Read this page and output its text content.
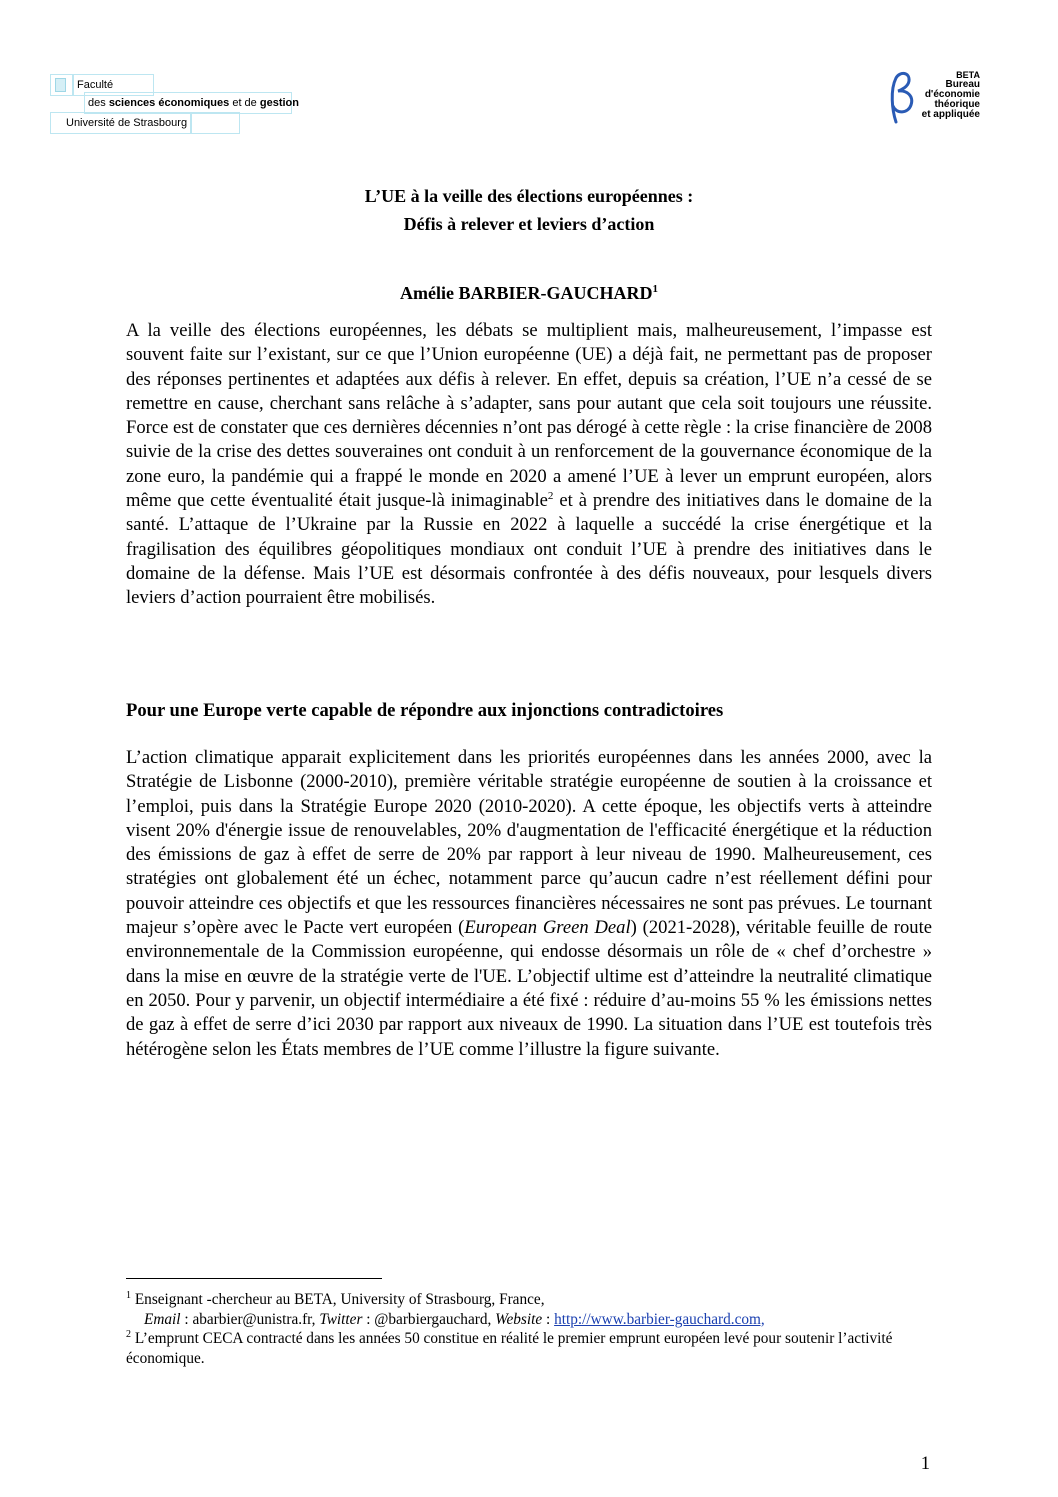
Faculté
des sciences économiques et de gestion
Université de Strasbourg
BETA
Bureau
d'économie
théorique
et appliquée
L’UE à la veille des élections européennes :
Défis à relever et leviers d’action
Amélie BARBIER-GAUCHARD$^1$
A la veille des élections européennes, les débats se multiplient mais, malheureusement, l’impasse est souvent faite sur l’existant, sur ce que l’Union européenne (UE) a déjà fait, ne permettant pas de proposer des réponses pertinentes et adaptées aux défis à relever. En effet, depuis sa création, l’UE n’a cessé de se remettre en cause, cherchant sans relâche à s’adapter, sans pour autant que cela soit toujours une réussite. Force est de constater que ces dernières décennies n’ont pas dérogé à cette règle : la crise financière de 2008 suivie de la crise des dettes souveraines ont conduit à un renforcement de la gouvernance économique de la zone euro, la pandémie qui a frappé le monde en 2020 a amené l’UE à lever un emprunt européen, alors même que cette éventualité était jusque-là inimaginable$^2$ et à prendre des initiatives dans le domaine de la santé. L’attaque de l’Ukraine par la Russie en 2022 à laquelle a succédé la crise énergétique et la fragilisation des équilibres géopolitiques mondiaux ont conduit l’UE à prendre des initiatives dans le domaine de la défense. Mais l’UE est désormais confrontée à des défis nouveaux, pour lesquels divers leviers d’action pourraient être mobilisés.
Pour une Europe verte capable de répondre aux injonctions contradictoires
L’action climatique apparait explicitement dans les priorités européennes dans les années 2000, avec la Stratégie de Lisbonne (2000-2010), première véritable stratégie européenne de soutien à la croissance et l’emploi, puis dans la Stratégie Europe 2020 (2010-2020). A cette époque, les objectifs verts à atteindre visent 20% d'énergie issue de renouvelables, 20% d'augmentation de l'efficacité énergétique et la réduction des émissions de gaz à effet de serre de 20% par rapport à leur niveau de 1990. Malheureusement, ces stratégies ont globalement été un échec, notamment parce qu’aucun cadre n’est réellement défini pour pouvoir atteindre ces objectifs et que les ressources financières nécessaires ne sont pas prévues. Le tournant majeur s’opère avec le Pacte vert européen (European Green Deal) (2021-2028), véritable feuille de route environnementale de la Commission européenne, qui endosse désormais un rôle de « chef d’orchestre » dans la mise en œuvre de la stratégie verte de l'UE. L’objectif ultime est d’atteindre la neutralité climatique en 2050. Pour y parvenir, un objectif intermédiaire a été fixé : réduire d’au-moins 55 % les émissions nettes de gaz à effet de serre d’ici 2030 par rapport aux niveaux de 1990. La situation dans l’UE est toutefois très hétérogène selon les États membres de l’UE comme l’illustre la figure suivante.
$^1$ Enseignant -chercheur au BETA, University of Strasbourg, France,
Email : abarbier@unistra.fr, Twitter : @barbiergauchard, Website : http://www.barbier-gauchard.com,
$^2$ L’emprunt CECA contracté dans les années 50 constitue en réalité le premier emprunt européen levé pour soutenir l’activité économique.
1
